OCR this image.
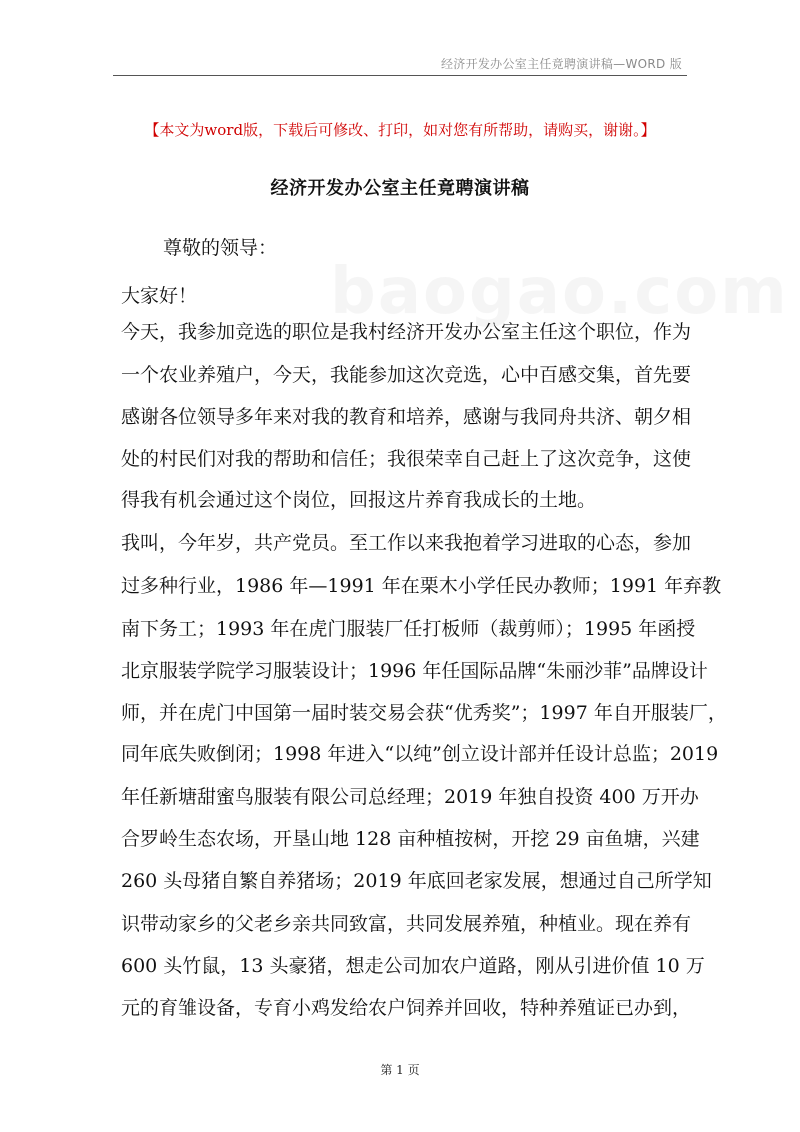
经济开发办公室主任竟聘演讲稿—WORD 版
【本文为word版，下载后可修改、打印，如对您有所帮助，请购买，谢谢。】
经济开发办公室主任竟聘演讲稿
尊敬的领导：
大家好！
今天，我参加竞选的职位是我村经济开发办公室主任这个职位，作为
一个农业养殖户，今天，我能参加这次竞选，心中百感交集，首先要
感谢各位领导多年来对我的教育和培养，感谢与我同舟共济、朝夕相
处的村民们对我的帮助和信任；我很荣幸自己赶上了这次竞争，这使
得我有机会通过这个岗位，回报这片养育我成长的土地。
我叫，今年岁，共产党员。至工作以来我抱着学习进取的心态，参加
过多种行业，1986 年—1991 年在栗木小学任民办教师；1991 年弃教
南下务工；1993 年在虎门服装厂任打板师（裁剪师）；1995 年函授
北京服装学院学习服装设计；1996 年任国际品牌“朱丽沙菲”品牌设计
师，并在虎门中国第一届时装交易会获“优秀奖”；1997 年自开服装厂，
同年底失败倒闭；1998 年进入“以纯”创立设计部并任设计总监；2019
年任新塘甜蜜鸟服装有限公司总经理；2019 年独自投资 400 万开办
合罗岭生态农场，开垦山地 128 亩种植按树，开挖 29 亩鱼塘，兴建
260 头母猪自繁自养猪场；2019 年底回老家发展，想通过自己所学知
识带动家乡的父老乡亲共同致富，共同发展养殖，种植业。现在养有
600 头竹鼠，13 头豪猪，想走公司加农户道路，刚从引进价值 10 万
元的育雏设备，专育小鸡发给农户饲养并回收，特种养殖证已办到，
第 1 页
